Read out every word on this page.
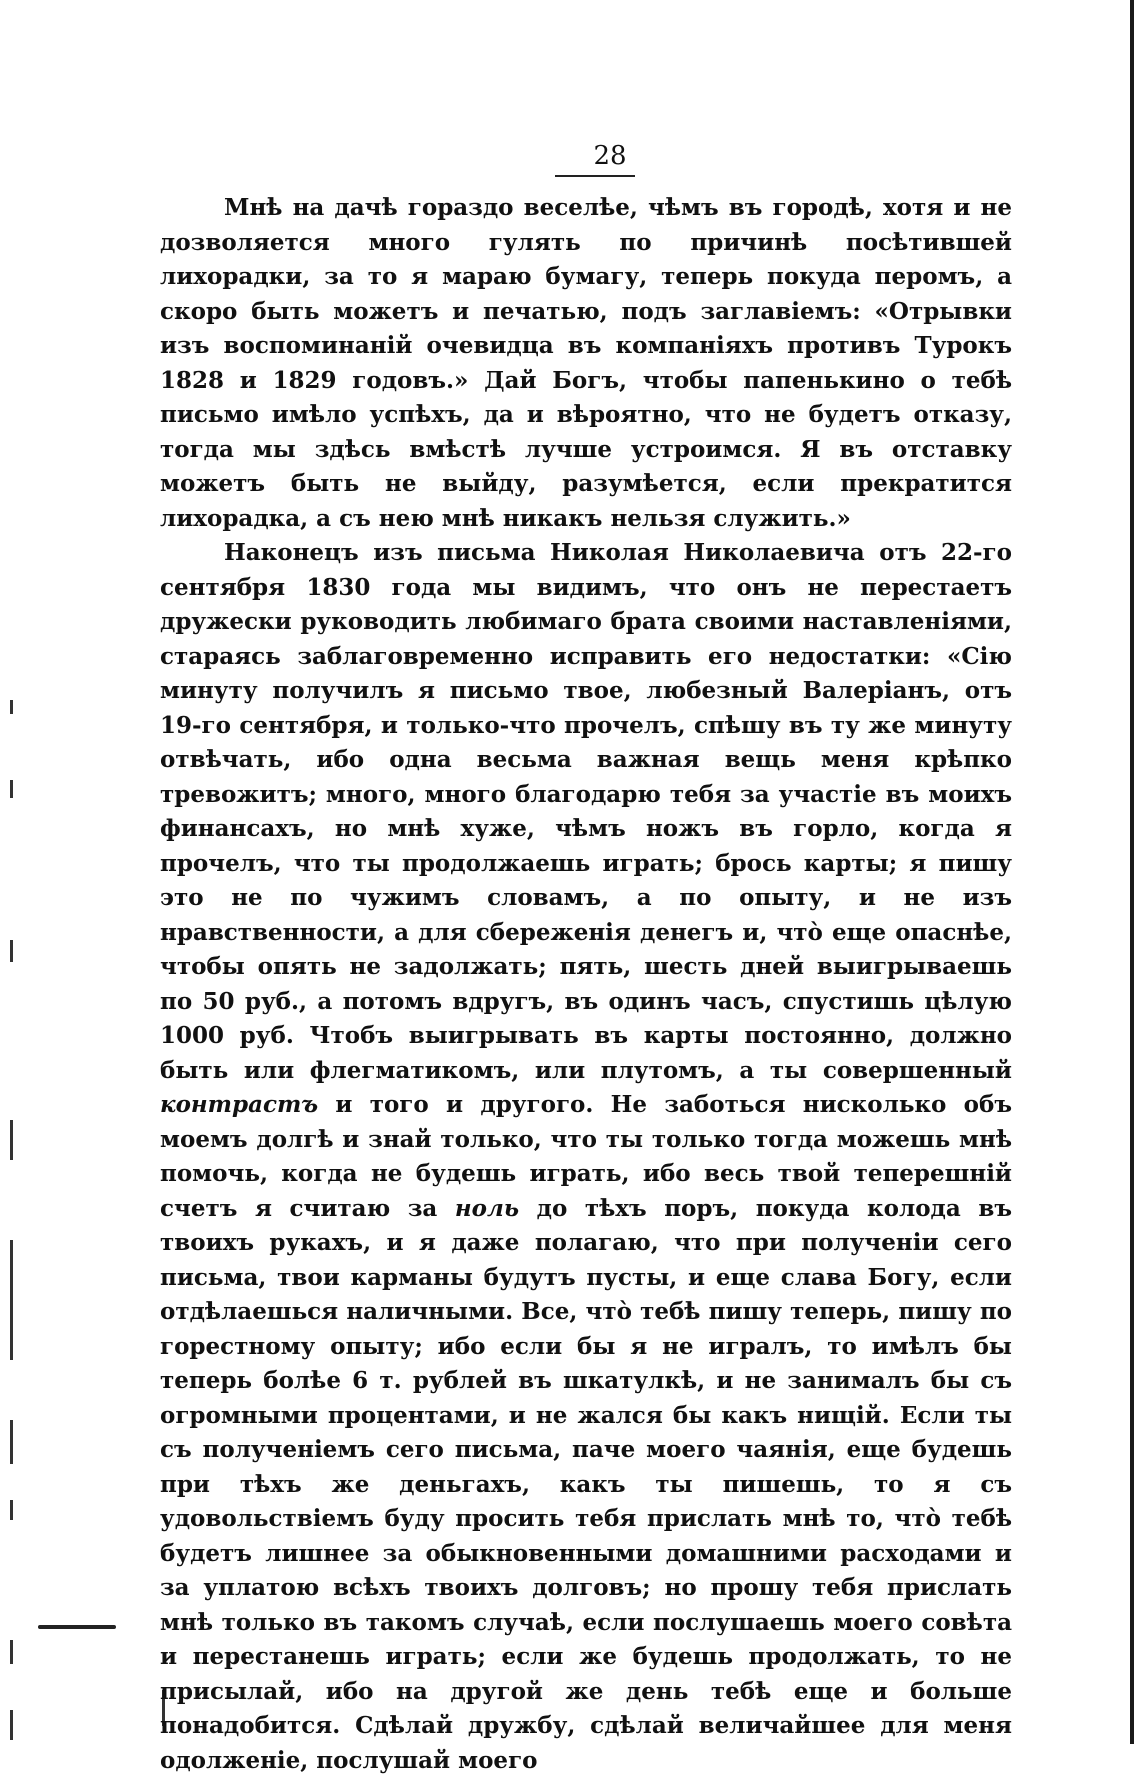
28

Мнѣ на дачѣ гораздо веселѣе, чѣмъ въ городѣ, хотя и не дозволяется много гулять по причинѣ посѣтившей лихорадки, за то я мараю бумагу, теперь покуда перомъ, а скоро быть можетъ и печатью, подъ заглавіемъ: «Отрывки изъ воспоминаній очевидца въ компаніяхъ противъ Турокъ 1828 и 1829 годовъ.» Дай Богъ, чтобы папенькино о тебѣ письмо имѣло успѣхъ, да и вѣроятно, что не будетъ отказу, тогда мы здѣсь вмѣстѣ лучше устроимся. Я въ отставку можетъ быть не выйду, разумѣется, если прекратится лихорадка, а съ нею мнѣ никакъ нельзя служить.»

Наконецъ изъ письма Николая Николаевича отъ 22-го сентября 1830 года мы видимъ, что онъ не перестаетъ дружески руководить любимаго брата своими наставленіями, стараясь заблаговременно исправить его недостатки: «Сію минуту получилъ я письмо твое, любезный Валеріанъ, отъ 19-го сентября, и только-что прочелъ, спѣшу въ ту же минуту отвѣчать, ибо одна весьма важная вещь меня крѣпко тревожитъ; много, много благодарю тебя за участіе въ моихъ финансахъ, но мнѣ хуже, чѣмъ ножъ въ горло, когда я прочелъ, что ты продолжаешь играть; брось карты; я пишу это не по чужимъ словамъ, а по опыту, и не изъ нравственности, а для сбереженія денегъ и, что̀ еще опаснѣе, чтобы опять не задолжать; пять, шесть дней выигрываешь по 50 руб., а потомъ вдругъ, въ одинъ часъ, спустишь цѣлую 1000 руб. Чтобъ выигрывать въ карты постоянно, должно быть или флегматикомъ, или плутомъ, а ты совершенный контрастъ и того и другого. Не заботься нисколько объ моемъ долгѣ и знай только, что ты только тогда можешь мнѣ помочь, когда не будешь играть, ибо весь твой теперешній счетъ я считаю за ноль до тѣхъ поръ, покуда колода въ твоихъ рукахъ, и я даже полагаю, что при полученіи сего письма, твои карманы будутъ пусты, и еще слава Богу, если отдѣлаешься наличными. Все, что̀ тебѣ пишу теперь, пишу по горестному опыту; ибо если бы я не игралъ, то имѣлъ бы теперь болѣе 6 т. рублей въ шкатулкѣ, и не занималъ бы съ огромными процентами, и не жался бы какъ нищій. Если ты съ полученіемъ сего письма, паче моего чаянія, еще будешь при тѣхъ же деньгахъ, какъ ты пишешь, то я съ удовольствіемъ буду просить тебя прислать мнѣ то, что̀ тебѣ будетъ лишнее за обыкновенными домашними расходами и за уплатою всѣхъ твоихъ долговъ; но прошу тебя прислать мнѣ только въ такомъ случаѣ, если послушаешь моего совѣта и перестанешь играть; если же будешь продолжать, то не присылай, ибо на другой же день тебѣ еще и больше понадобится. Сдѣлай дружбу, сдѣлай величайшее для меня одолженіе, послушай моего
